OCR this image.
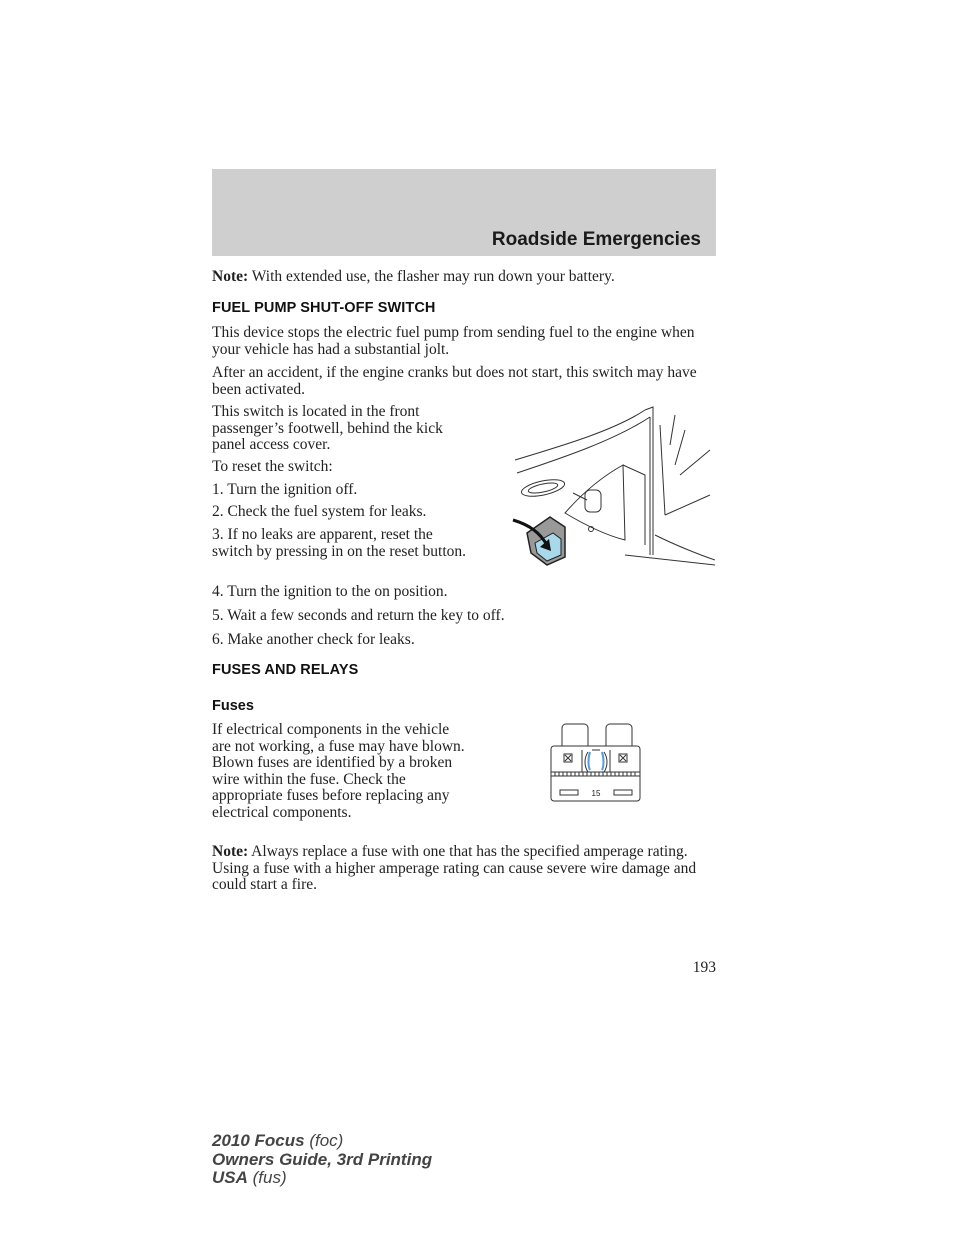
Roadside Emergencies

Note: With extended use, the flasher may run down your battery.

FUEL PUMP SHUT-OFF SWITCH
This device stops the electric fuel pump from sending fuel to the engine when your vehicle has had a substantial jolt.
After an accident, if the engine cranks but does not start, this switch may have been activated.
This switch is located in the front passenger’s footwell, behind the kick panel access cover.
To reset the switch:
1. Turn the ignition off.
2. Check the fuel system for leaks.
3. If no leaks are apparent, reset the switch by pressing in on the reset button.
4. Turn the ignition to the on position.
5. Wait a few seconds and return the key to off.
6. Make another check for leaks.
FUSES AND RELAYS
Fuses
If electrical components in the vehicle are not working, a fuse may have blown. Blown fuses are identified by a broken wire within the fuse. Check the appropriate fuses before replacing any electrical components.
15

Note: Always replace a fuse with one that has the specified amperage rating. Using a fuse with a higher amperage rating can cause severe wire damage and could start a fire.

193
2010 Focus (foc)
Owners Guide, 3rd Printing
USA (fus)
